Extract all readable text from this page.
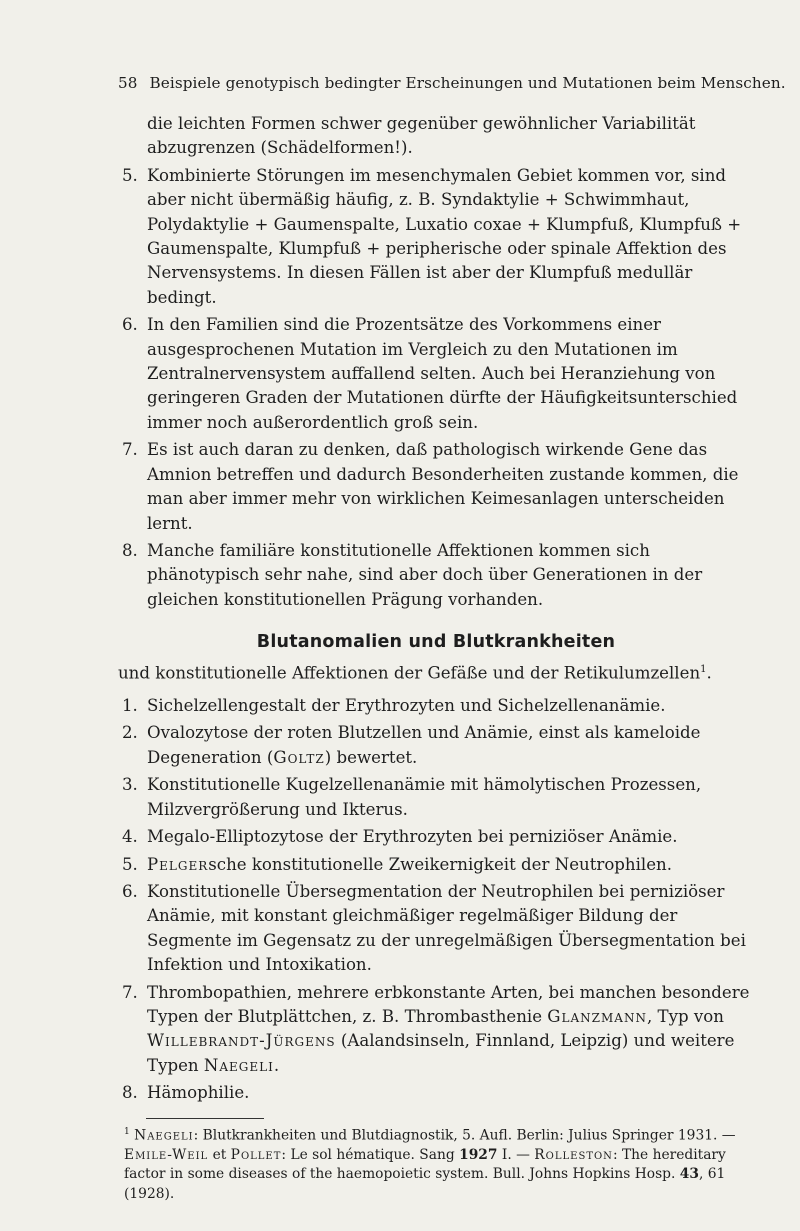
58 Beispiele genotypisch bedingter Erscheinungen und Mutationen beim Menschen.

die leichten Formen schwer gegenüber gewöhnlicher Variabilität abzugrenzen (Schädelformen!).

5. Kombinierte Störungen im mesenchymalen Gebiet kommen vor, sind aber nicht übermäßig häufig, z. B. Syndaktylie + Schwimmhaut, Polydaktylie + Gaumenspalte, Luxatio coxae + Klumpfuß, Klumpfuß + Gaumenspalte, Klumpfuß + peripherische oder spinale Affektion des Nervensystems. In diesen Fällen ist aber der Klumpfuß medullär bedingt.
6. In den Familien sind die Prozentsätze des Vorkommens einer ausgesprochenen Mutation im Vergleich zu den Mutationen im Zentralnervensystem auffallend selten. Auch bei Heranziehung von geringeren Graden der Mutationen dürfte der Häufigkeitsunterschied immer noch außerordentlich groß sein.
7. Es ist auch daran zu denken, daß pathologisch wirkende Gene das Amnion betreffen und dadurch Besonderheiten zustande kommen, die man aber immer mehr von wirklichen Keimesanlagen unterscheiden lernt.
8. Manche familiäre konstitutionelle Affektionen kommen sich phänotypisch sehr nahe, sind aber doch über Generationen in der gleichen konstitutionellen Prägung vorhanden.
Blutanomalien und Blutkrankheiten

und konstitutionelle Affektionen der Gefäße und der Retikulumzellen$^1$.

1. Sichelzellengestalt der Erythrozyten und Sichelzellenanämie.
2. Ovalozytose der roten Blutzellen und Anämie, einst als kameloide Degeneration (Goltz) bewertet.
3. Konstitutionelle Kugelzellenanämie mit hämolytischen Prozessen, Milzvergrößerung und Ikterus.
4. Megalo-Elliptozytose der Erythrozyten bei perniziöser Anämie.
5. Pelgersche konstitutionelle Zweikernigkeit der Neutrophilen.
6. Konstitutionelle Übersegmentation der Neutrophilen bei perniziöser Anämie, mit konstant gleichmäßiger regelmäßiger Bildung der Segmente im Gegensatz zu der unregelmäßigen Übersegmentation bei Infektion und Intoxikation.
7. Thrombopathien, mehrere erbkonstante Arten, bei manchen besondere Typen der Blutplättchen, z. B. Thrombasthenie Glanzmann, Typ von Willebrandt-Jürgens (Aalandsinseln, Finnland, Leipzig) und weitere Typen Naegeli.
8. Hämophilie.

$^1$ Naegeli: Blutkrankheiten und Blutdiagnostik, 5. Aufl. Berlin: Julius Springer 1931. — Emile-Weil et Pollet: Le sol hématique. Sang 1927 I. — Rolleston: The hereditary factor in some diseases of the haemopoietic system. Bull. Johns Hopkins Hosp. 43, 61 (1928).
